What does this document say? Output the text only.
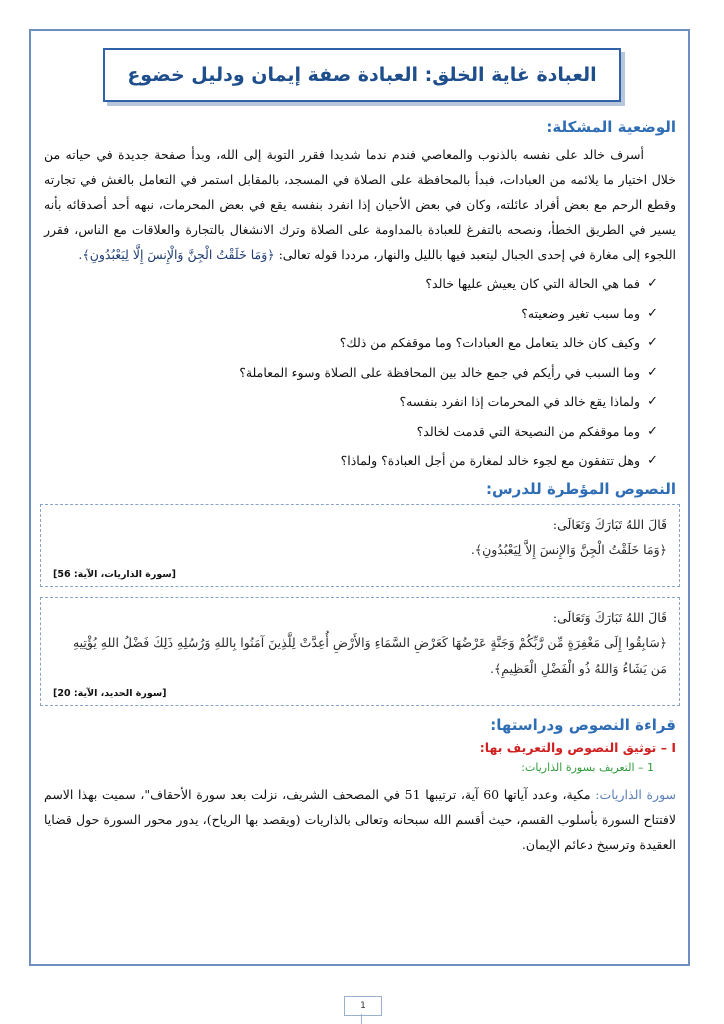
العبادة غاية الخلق: العبادة صفة إيمان ودليل خضوع
الوضعية المشكلة:

أسرف خالد على نفسه بالذنوب والمعاصي فندم ندما شديدا فقرر التوبة إلى الله، وبدأ صفحة جديدة في حياته من خلال اختيار ما يلائمه من العبادات، فبدأ بالمحافظة على الصلاة في المسجد، بالمقابل استمر في التعامل بالغش في تجارته وقطع الرحم مع بعض أفراد عائلته، وكان في بعض الأحيان إذا انفرد بنفسه يقع في بعض المحرمات، نبهه أحد أصدقائه بأنه يسير في الطريق الخطأ، ونصحه بالتفرغ للعبادة بالمداومة على الصلاة وترك الانشغال بالتجارة والعلاقات مع الناس، فقرر اللجوء إلى مغارة في إحدى الجبال ليتعبد فيها بالليل والنهار، مرددا قوله تعالى: ﴿وَمَا خَلَقْتُ الْجِنَّ وَالْإِنسَ إِلَّا لِيَعْبُدُونِ﴾.

✓
فما هي الحالة التي كان يعيش عليها خالد؟
✓
وما سبب تغير وضعيته؟
✓
وكيف كان خالد يتعامل مع العبادات؟ وما موقفكم من ذلك؟
✓
وما السبب في رأيكم في جمع خالد بين المحافظة على الصلاة وسوء المعاملة؟
✓
ولماذا يقع خالد في المحرمات إذا انفرد بنفسه؟
✓
وما موقفكم من النصيحة التي قدمت لخالد؟
✓
وهل تتفقون مع لجوء خالد لمغارة من أجل العبادة؟ ولماذا؟
النصوص المؤطرة للدرس:

قَالَ اللهُ تَبَارَكَ وَتَعَالَى:

﴿وَمَا خَلَقْتُ الْجِنَّ وَالإِنسَ إِلاَّ لِيَعْبُدُونِ﴾.

[سورة الذاريات، الآية: 56]

قَالَ اللهُ تَبَارَكَ وَتَعَالَى:

﴿سَابِقُوا إِلَى مَغْفِرَةٍ مِّن رَّبِّكُمْ وَجَنَّةٍ عَرْضُهَا كَعَرْضِ السَّمَاءِ وَالأَرْضِ أُعِدَّتْ لِلَّذِينَ آمَنُوا بِاللهِ وَرُسُلِهِ ذَلِكَ فَضْلُ اللهِ يُؤْتِيهِ مَن يَشَاءُ وَاللهُ ذُو الْفَضْلِ الْعَظِيمِ﴾.

[سورة الحديد، الآية: 20]
قراءة النصوص ودراستها:
I – توثيق النصوص والتعريف بها:
1 – التعريف بسورة الذاريات:

سورة الذاريات: مكية، وعدد آياتها 60 آية، ترتيبها 51 في المصحف الشريف، نزلت بعد سورة الأحقاف"، سميت بهذا الاسم لافتتاح السورة بأسلوب القسم، حيث أقسم الله سبحانه وتعالى بالذاريات (ويقصد بها الرياح)، يدور محور السورة حول قضايا العقيدة وترسيخ دعائم الإيمان.

1
